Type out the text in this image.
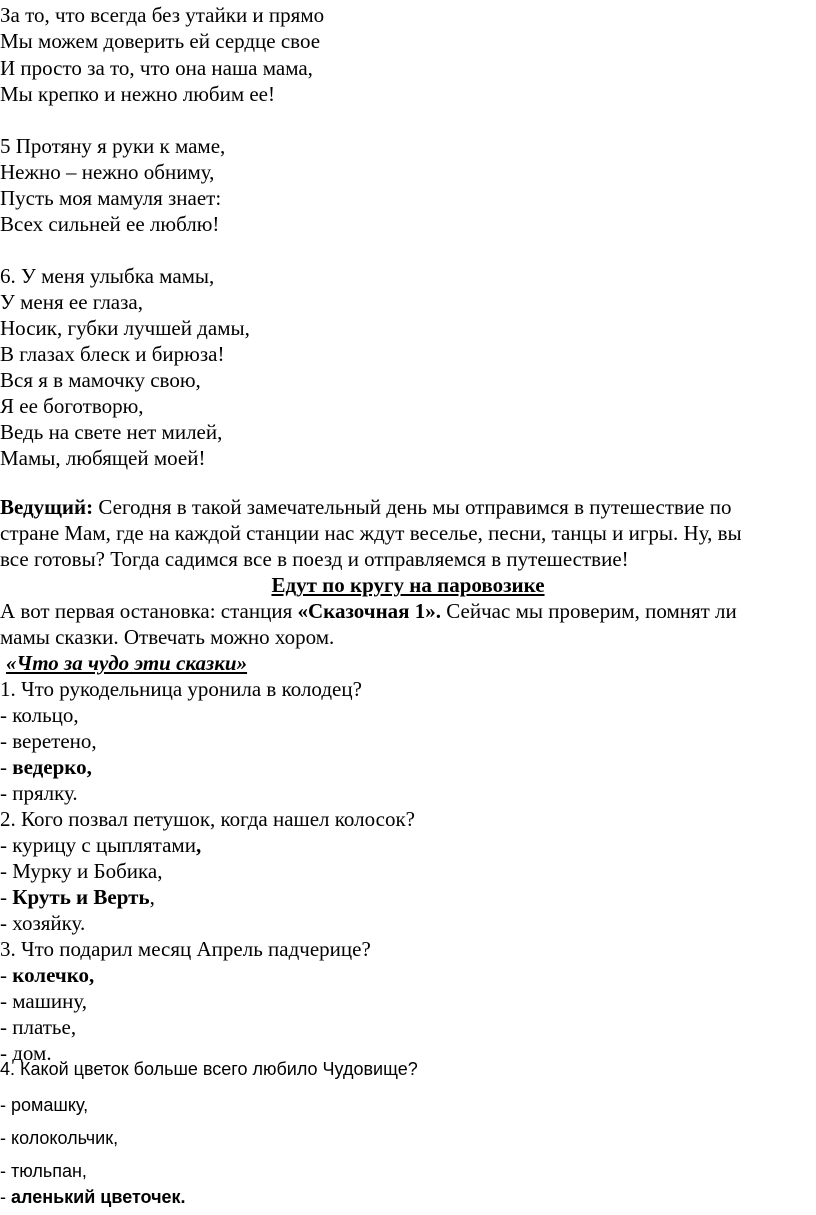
За то, что всегда без утайки и прямо
Мы можем доверить ей сердце свое
И просто за то, что она наша мама,
Мы крепко и нежно любим ее!
5 Протяну я руки к маме,
Нежно – нежно обниму,
Пусть моя мамуля знает:
Всех сильней ее люблю!
6. У меня улыбка мамы,
У меня ее глаза,
Носик, губки лучшей дамы,
В глазах блеск и бирюза!
Вся я в мамочку свою,
Я ее боготворю,
Ведь на свете нет милей,
Мамы, любящей моей!
Ведущий: Сегодня в такой замечательный день мы отправимся в путешествие по
стране Мам, где на каждой станции нас ждут веселье, песни, танцы и игры. Ну, вы
все готовы? Тогда садимся все в поезд и отправляемся в путешествие!
Едут по кругу на паровозике
А вот первая остановка: станция «Сказочная 1». Сейчас мы проверим, помнят ли
мамы сказки. Отвечать можно хором.
«Что за чудо эти сказки»
1. Что рукодельница уронила в колодец?
- кольцо,
- веретено,
- ведерко,
- прялку.
2. Кого позвал петушок, когда нашел колосок?
- курицу с цыплятами,
- Мурку и Бобика,
- Круть и Верть,
- хозяйку.
3. Что подарил месяц Апрель падчерице?
- колечко,
- машину,
- платье,
- дом.
4. Какой цветок больше всего любило Чудовище?
- ромашку,
- колокольчик,
- тюльпан,
- аленький цветочек.
